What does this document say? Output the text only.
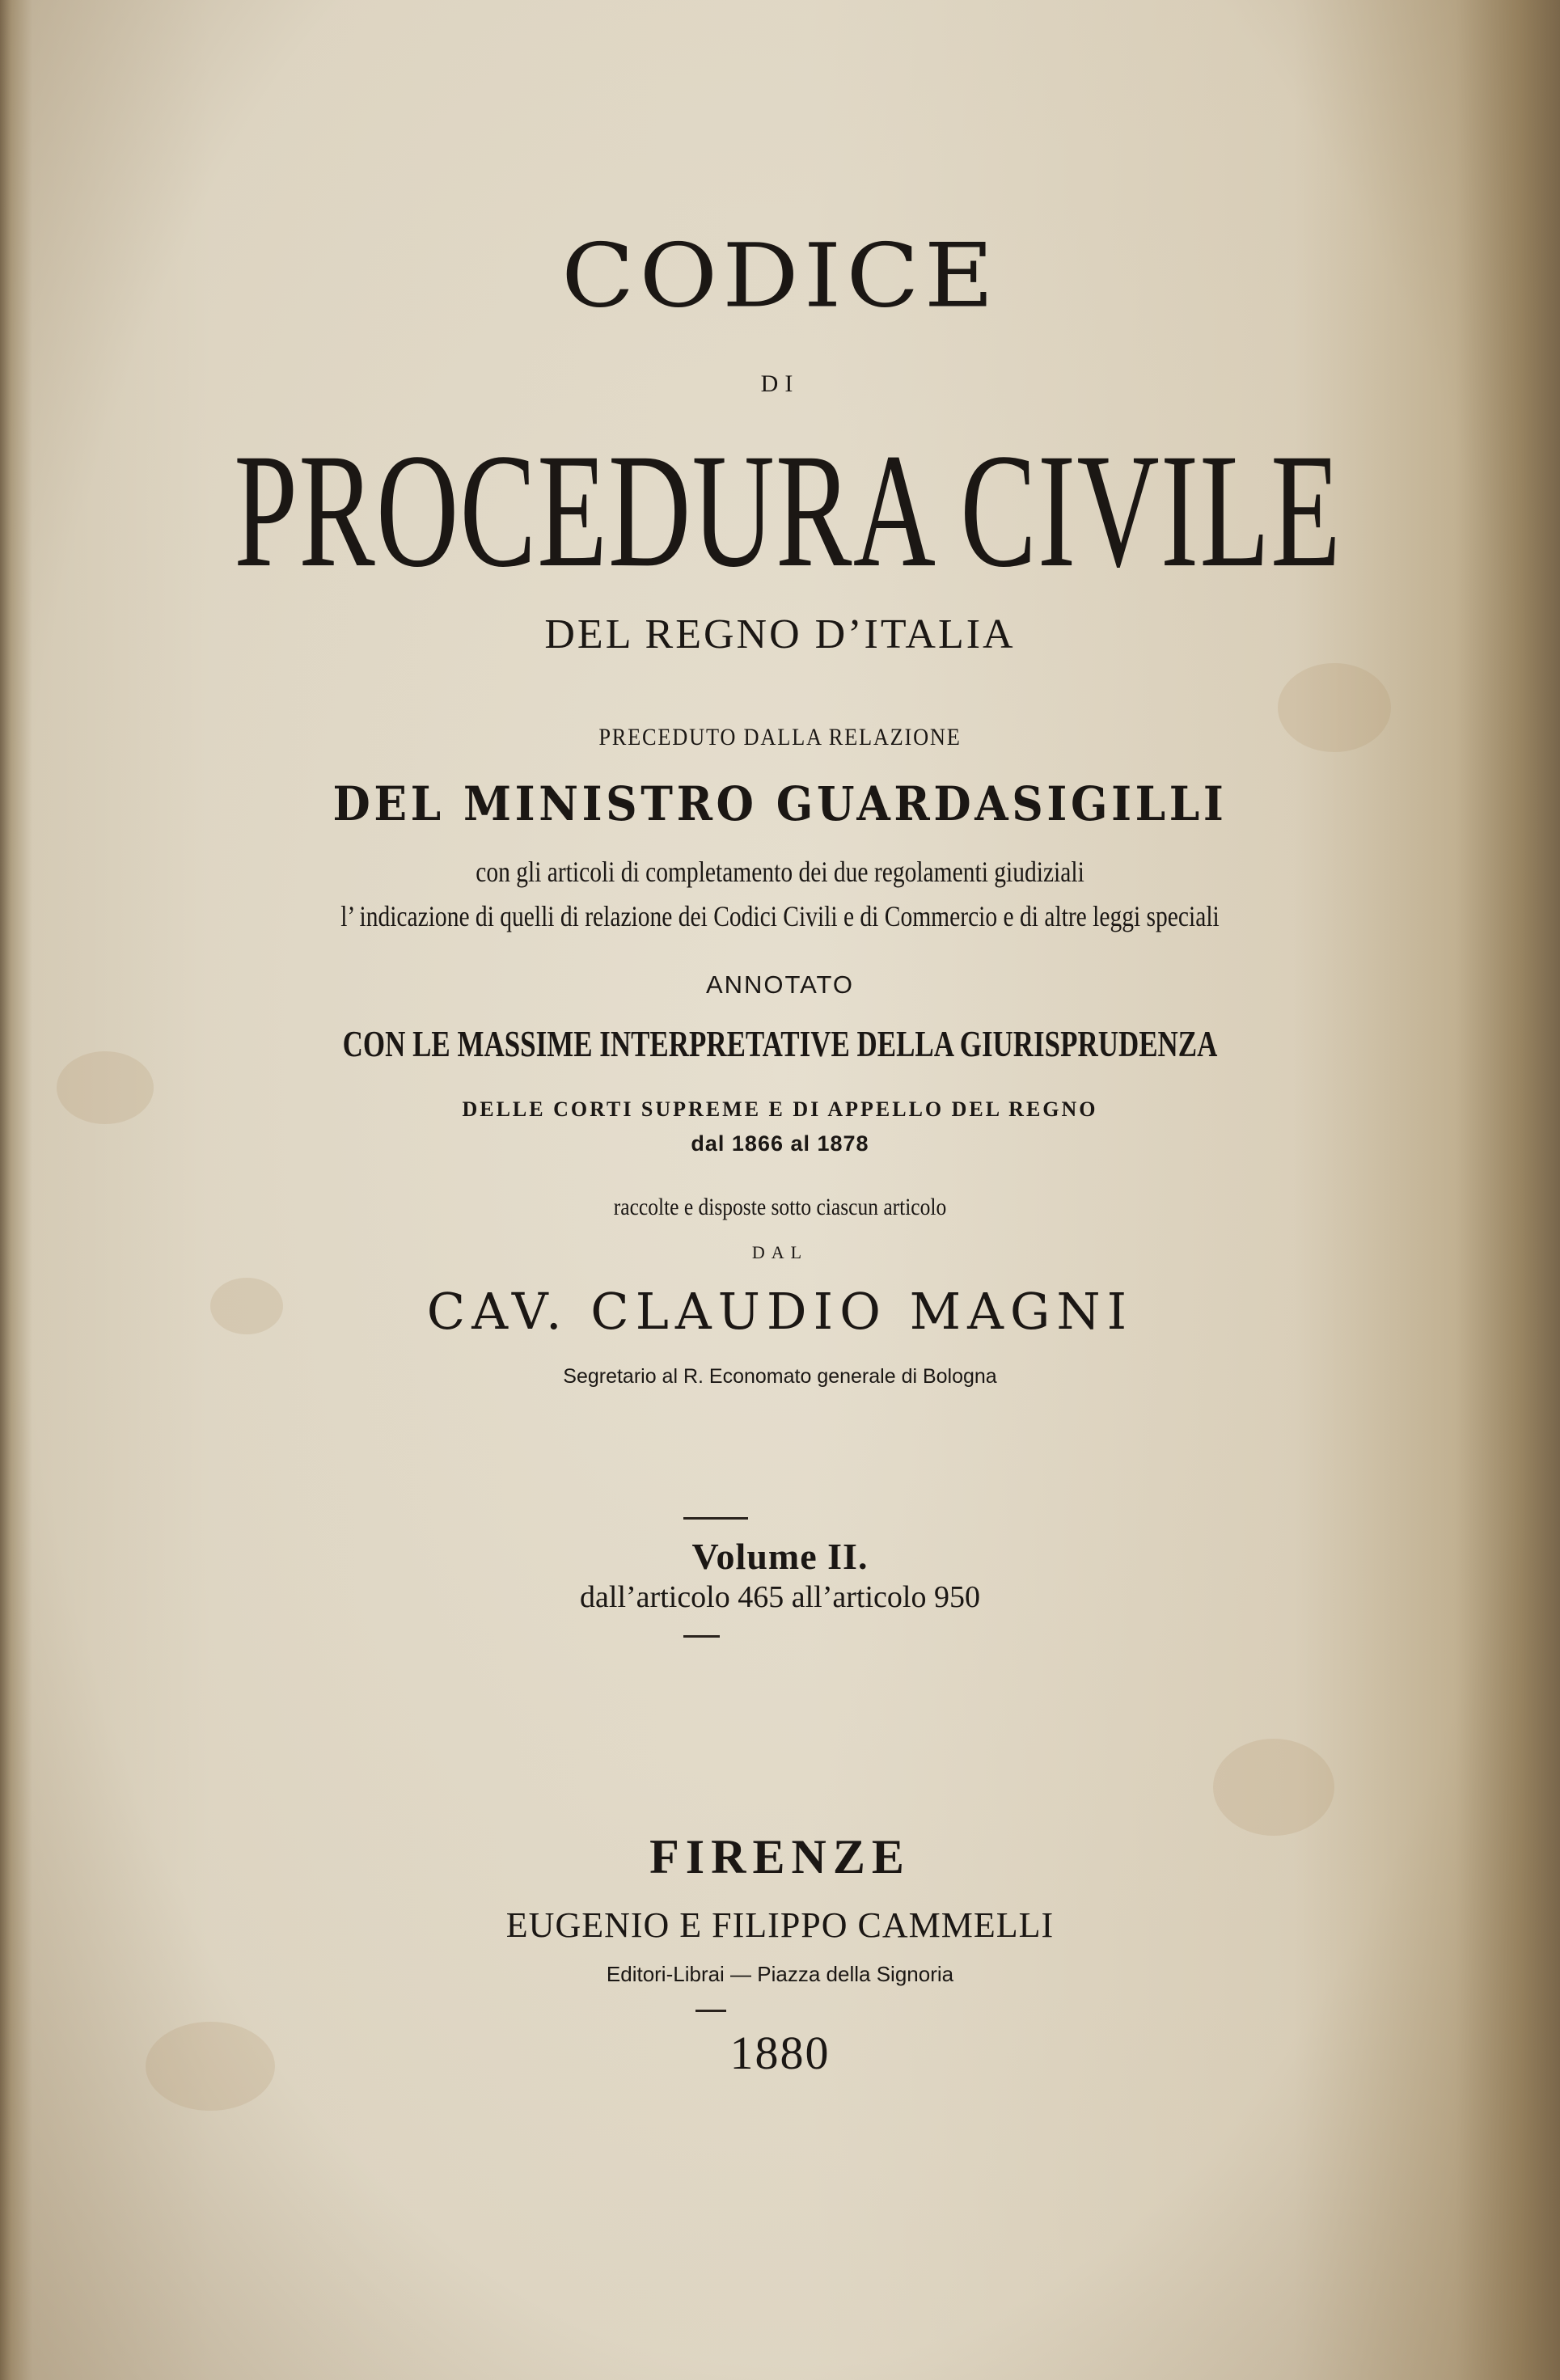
CODICE
DI
PROCEDURA CIVILE
DEL REGNO D’ITALIA
PRECEDUTO DALLA RELAZIONE
DEL MINISTRO GUARDASIGILLI
con gli articoli di completamento dei due regolamenti giudiziali
l’ indicazione di quelli di relazione dei Codici Civili e di Commercio e di altre leggi speciali
ANNOTATO
CON LE MASSIME INTERPRETATIVE DELLA GIURISPRUDENZA
DELLE CORTI SUPREME E DI APPELLO DEL REGNO
dal 1866 al 1878
raccolte e disposte sotto ciascun articolo
DAL
CAV. CLAUDIO MAGNI
Segretario al R. Economato generale di Bologna
Volume II.
dall’articolo 465 all’articolo 950
FIRENZE
EUGENIO E FILIPPO CAMMELLI
Editori-Librai — Piazza della Signoria
1880
